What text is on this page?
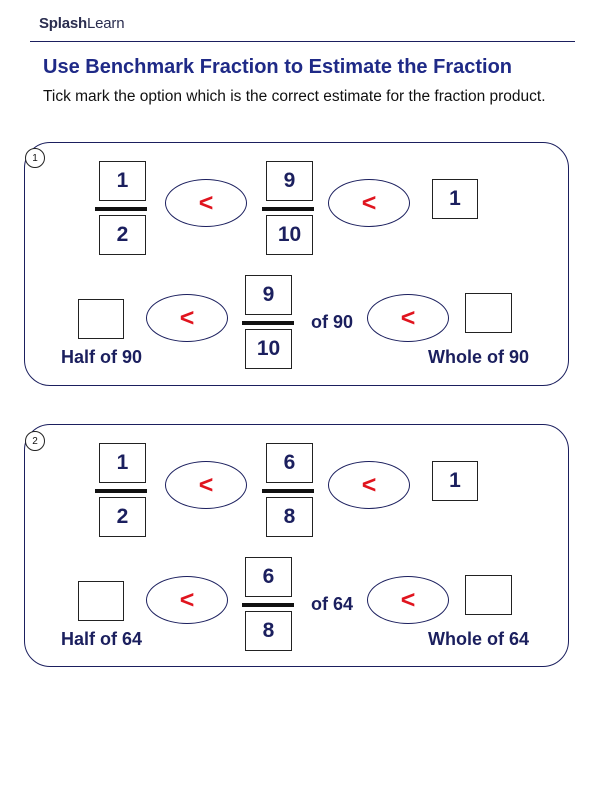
SplashLearn
Use Benchmark Fraction to Estimate the Fraction
Tick mark the option which is the correct estimate for the fraction product.
1
1
2
<
9
10
<	1
<
9
10
of 90	<
Half of 90	Whole of 90
2
1
2
<
6
8
<	1
<
6
8
of 64	<
Half of 64	Whole of 64
